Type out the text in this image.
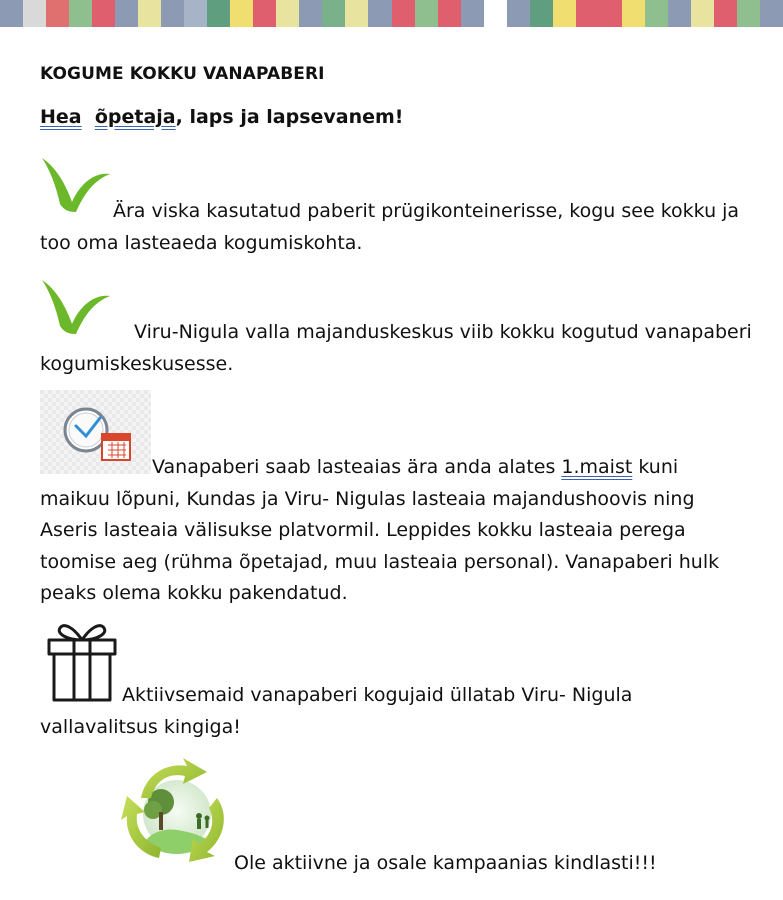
KOGUME KOKKU VANAPABERI
Hea õpetaja, laps ja lapsevanem!
Ära viska kasutatud paberit prügikonteinerisse, kogu see kokku ja too oma lasteaeda kogumiskohta.
Viru-Nigula valla majanduskeskus viib kokku kogutud vanapaberi kogumiskeskusesse.
Vanapaberi saab lasteaias ära anda alates 1.maist kuni maikuu lõpuni, Kundas ja Viru- Nigulas lasteaia majandushoovis ning Aseris lasteaia välisukse platvormil. Leppides kokku lasteaia perega toomise aeg (rühma õpetajad, muu lasteaia personal). Vanapaberi hulk peaks olema kokku pakendatud.
Aktiivsemaid vanapaberi kogujaid üllatab Viru- Nigula vallavalitsus kingiga!
Ole aktiivne ja osale kampaanias kindlasti!!!
